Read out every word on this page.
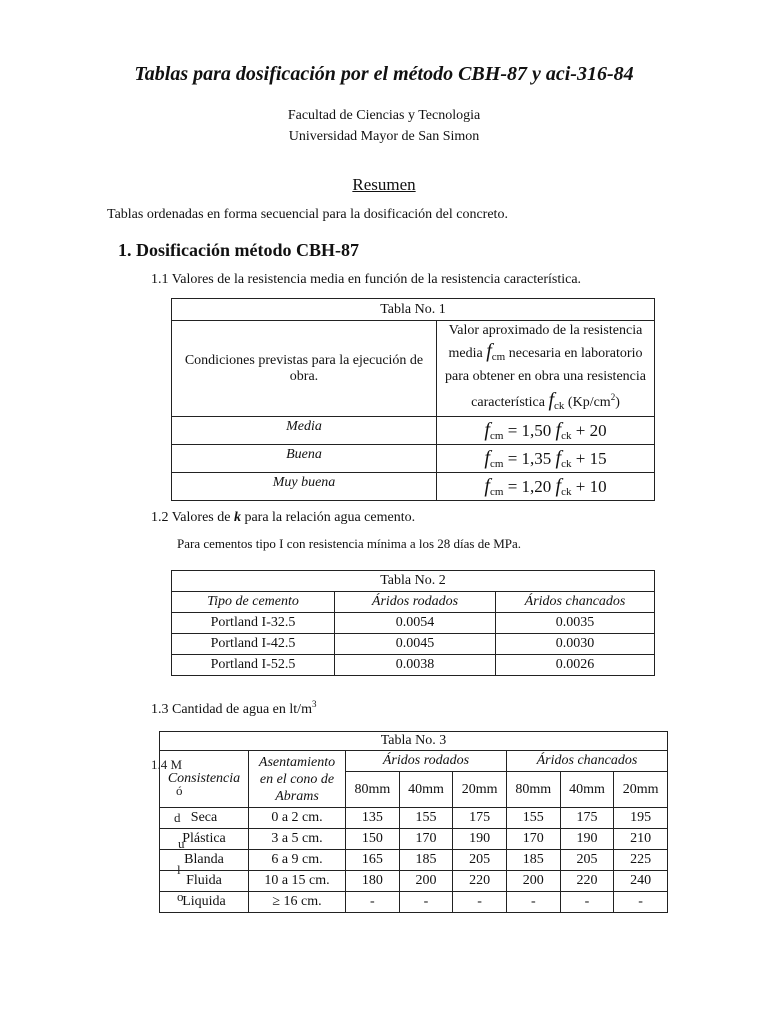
Tablas para dosificación por el método CBH-87 y aci-316-84
Facultad de Ciencias y Tecnologia
Universidad Mayor de San Simon
Resumen
Tablas ordenadas en forma secuencial para la dosificación del concreto.
1. Dosificación método CBH-87
1.1 Valores de la resistencia media en función de la resistencia característica.
Tabla No. 1	
Condiciones previstas para la ejecución de obra.	Valor aproximado de la resistencia
media $f_{cm}$ necesaria en laboratorio
para obtener en obra una resistencia
característica $f_{ck}$ $(Kp/cm^2)$
Media	fcm = 1,50 fck + 20
Buena	fcm = 1,35 fck + 15
Muy buena	fcm = 1,20 fck + 10
1.2 Valores de k para la relación agua cemento.
Para cementos tipo I con resistencia mínima a los 28 días de MPa.
Tabla No. 2		
Tipo de cemento	Áridos rodados	Áridos chancados
Portland I-32.5	0.0054	0.0035
Portland I-42.5	0.0045	0.0030
Portland I-52.5	0.0038	0.0026
1.3 Cantidad de agua en $lt/m^3$
Tabla No. 3							
Consistencia	Asentamiento en el cono de Abrams	Áridos rodados			Áridos chancados		
		80mm	40mm	20mm	80mm	40mm	20mm
Seca	0 a 2 cm.	135	155	175	155	175	195
Plástica	3 a 5 cm.	150	170	190	170	190	210
Blanda	6 a 9 cm.	165	185	205	185	205	225
Fluida	10 a 15 cm.	180	200	220	200	220	240
Liquida	≥ 16 cm.	-	-	-	-	-	-
1.4 M
ó
d
u
l
o
